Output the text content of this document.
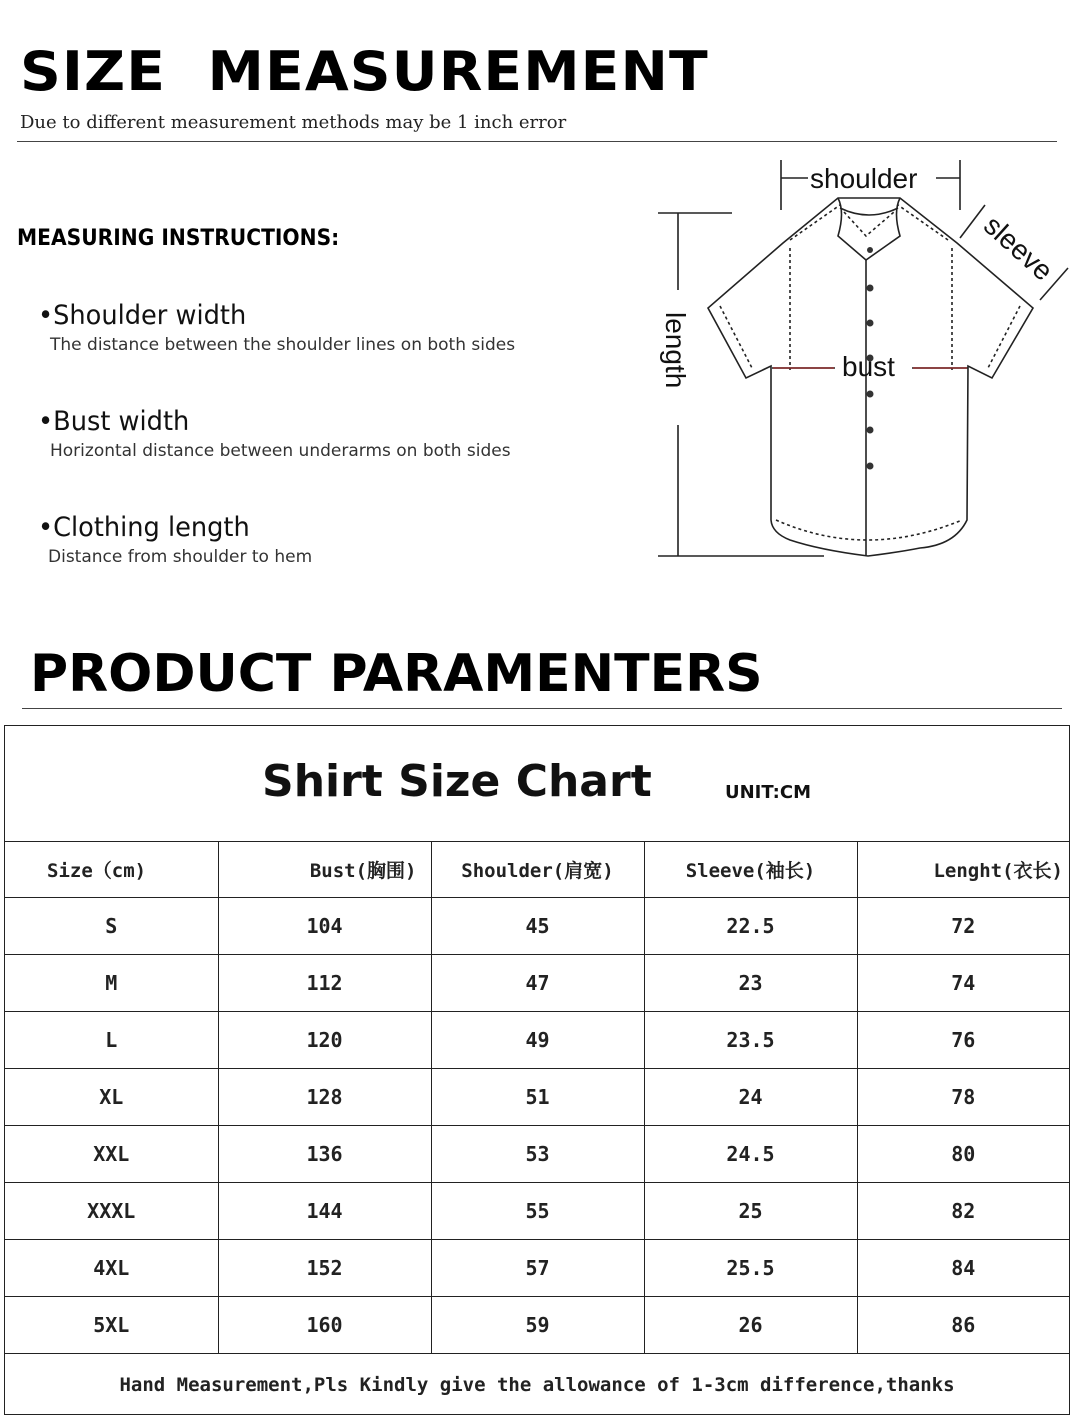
SIZE  MEASUREMENT
Due to different measurement methods may be 1 inch error
MEASURING INSTRUCTIONS:
•Shoulder width
The distance between the shoulder lines on both sides
•Bust width
Horizontal distance between underarms on both sides
•Clothing length
Distance from shoulder to hem
shoulder
bust
length
sleeve
PRODUCT PARAMENTERS
Shirt Size Chart	UNIT:CM
Size（cm)	Bust(胸围)	Shoulder(肩宽)	Sleeve(袖长)	Lenght(衣长)
S	104	45	22.5	72
M	112	47	23	74
L	120	49	23.5	76
XL	128	51	24	78
XXL	136	53	24.5	80
XXXL	144	55	25	82
4XL	152	57	25.5	84
5XL	160	59	26	86
Hand Measurement,Pls Kindly give the allowance of 1-3cm difference,thanks
